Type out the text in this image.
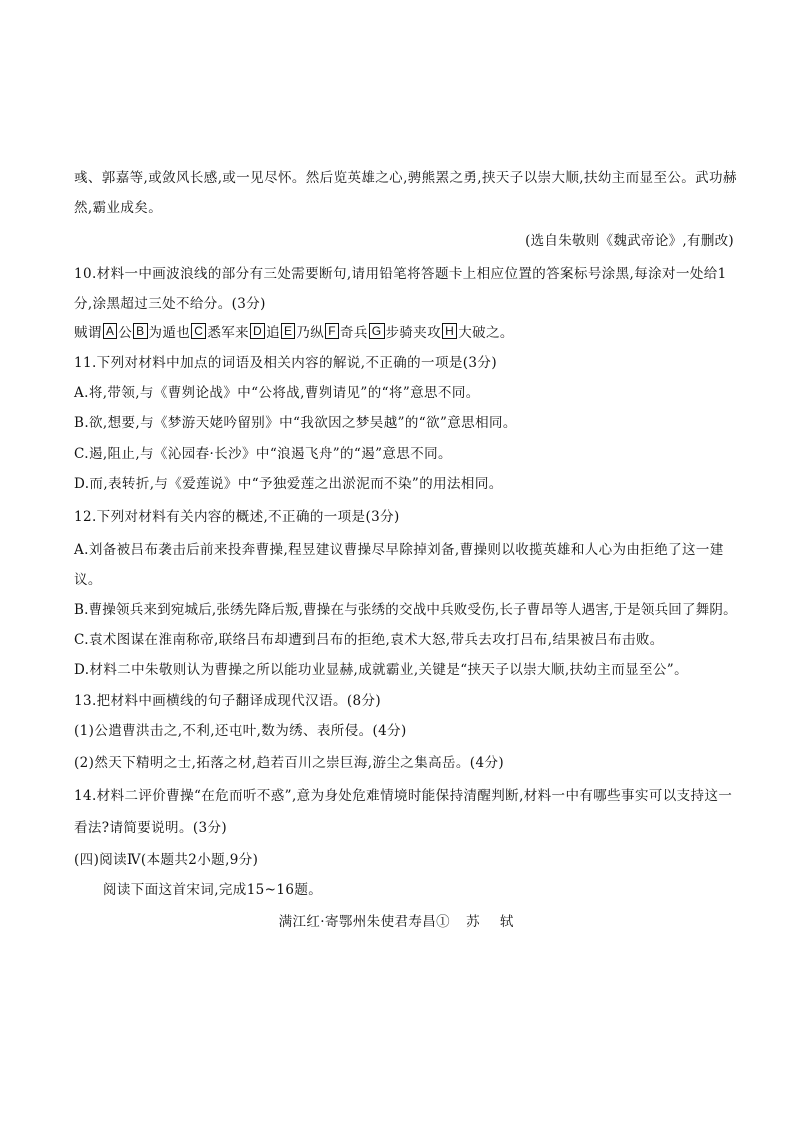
彧、郭嘉等,或敛风长感,或一见尽怀。然后览英雄之心,骋熊罴之勇,挟天子以崇大顺,扶幼主而显至公。武功赫
然,霸业成矣。
(选自朱敬则《魏武帝论》,有删改)
10.材料一中画波浪线的部分有三处需要断句,请用铅笔将答题卡上相应位置的答案标号涂黑,每涂对一处给1
分,涂黑超过三处不给分。(3分)
贼谓 A 公 B 为遁也 C 悉军来 D 追 E 乃纵 F 奇兵 G 步骑夹攻 H 大破之。
11.下列对材料中加点的词语及相关内容的解说,不正确的一项是(3分)
A.将,带领,与《曹刿论战》中“公将战,曹刿请见”的“将”意思不同。
B.欲,想要,与《梦游天姥吟留别》中“我欲因之梦吴越”的“欲”意思相同。
C.遏,阻止,与《沁园春·长沙》中“浪遏飞舟”的“遏”意思不同。
D.而,表转折,与《爱莲说》中“予独爱莲之出淤泥而不染”的用法相同。
12.下列对材料有关内容的概述,不正确的一项是(3分)
A.刘备被吕布袭击后前来投奔曹操,程昱建议曹操尽早除掉刘备,曹操则以收揽英雄和人心为由拒绝了这一建
议。
B.曹操领兵来到宛城后,张绣先降后叛,曹操在与张绣的交战中兵败受伤,长子曹昂等人遇害,于是领兵回了舞阴。
C.袁术图谋在淮南称帝,联络吕布却遭到吕布的拒绝,袁术大怒,带兵去攻打吕布,结果被吕布击败。
D.材料二中朱敬则认为曹操之所以能功业显赫,成就霸业,关键是“挟天子以崇大顺,扶幼主而显至公”。
13.把材料中画横线的句子翻译成现代汉语。(8分)
(1)公遣曹洪击之,不利,还屯叶,数为绣、表所侵。(4分)
(2)然天下精明之士,拓落之材,趋若百川之崇巨海,游尘之集高岳。(4分)
14.材料二评价曹操“在危而听不惑”,意为身处危难情境时能保持清醒判断,材料一中有哪些事实可以支持这一
看法?请简要说明。(3分)
(四)阅读Ⅳ(本题共2小题,9分)
阅读下面这首宋词,完成15~16题。
满江红·寄鄂州朱使君寿昌① 苏 轼
